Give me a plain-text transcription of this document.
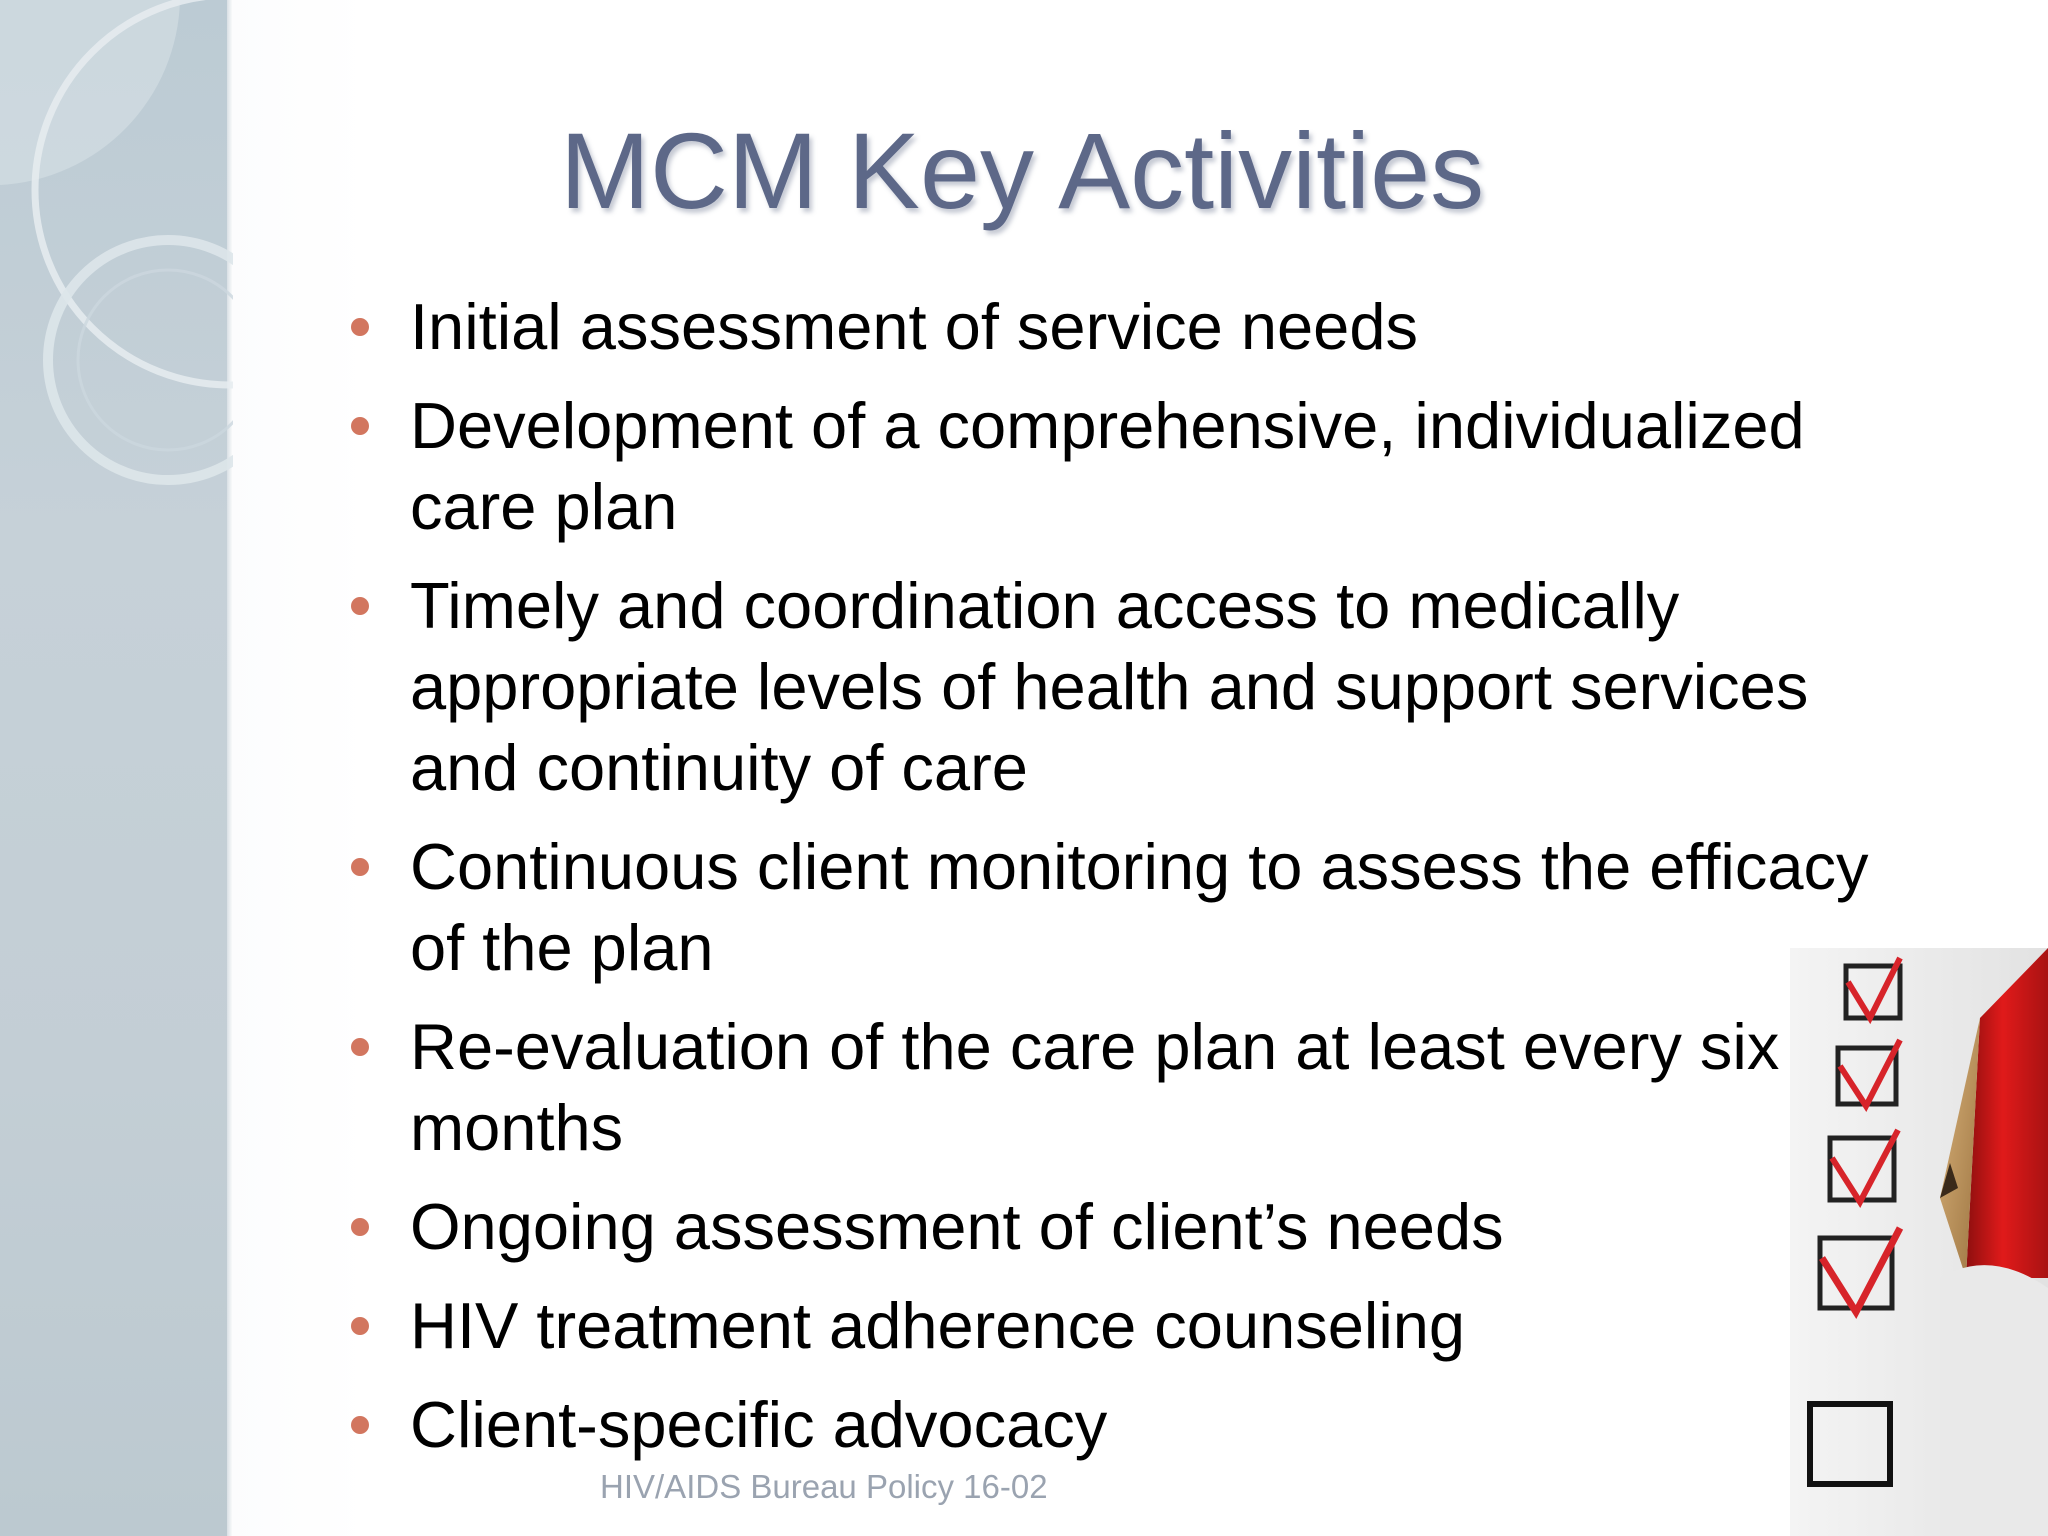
MCM Key Activities
Initial assessment of service needs
Development of a comprehensive, individualized care plan
Timely and coordination access to medically appropriate levels of health and support services and continuity of care
Continuous client monitoring to assess the efficacy of the plan
Re-evaluation of the care plan at least every six months
Ongoing assessment of client’s needs
HIV treatment adherence counseling
Client-specific advocacy
HIV/AIDS Bureau Policy 16-02
